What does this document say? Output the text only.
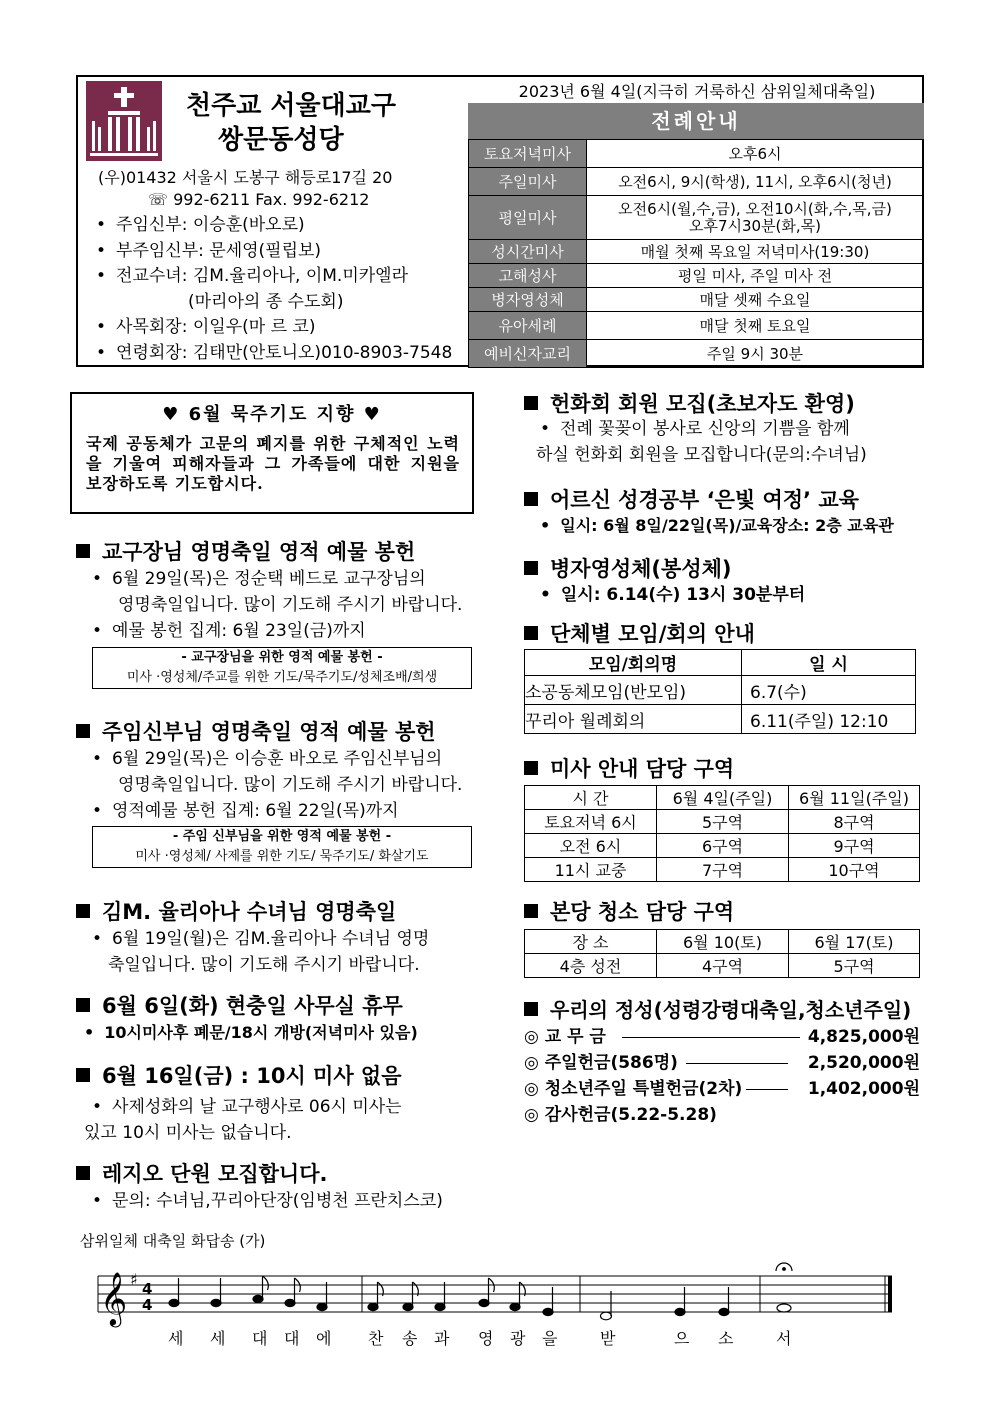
천주교 서울대교구
쌍문동성당
(우)01432 서울시 도봉구 해등로17길 20
☏ 992-6211 Fax. 992-6212
• 주임신부: 이승훈(바오로)
• 부주임신부: 문세영(필립보)
• 전교수녀: 김M.율리아나, 이M.미카엘라
(마리아의 종 수도회)
• 사목회장: 이일우(마 르 코)
• 연령회장: 김태만(안토니오)010-8903-7548
2023년 6월 4일(지극히 거룩하신 삼위일체대축일)
전례안내
토요저녁미사	오후6시
주일미사	오전6시, 9시(학생), 11시, 오후6시(청년)
평일미사	오전6시(월,수,금), 오전10시(화,수,목,금)
오후7시30분(화,목)

성시간미사	매월 첫째 목요일 저녁미사(19:30)
고해성사	평일 미사, 주일 미사 전
병자영성체	매달 셋째 수요일
유아세례	매달 첫째 토요일
예비신자교리	주일 9시 30분
♥ 6월 묵주기도 지향 ♥
국제 공동체가 고문의 폐지를 위한 구체적인 노력을 기울여 피해자들과 그 가족들에 대한 지원을 보장하도록 기도합시다.
교구장님 영명축일 영적 예물 봉헌
• 6월 29일(목)은 정순택 베드로 교구장님의
영명축일입니다. 많이 기도해 주시기 바랍니다.
• 예물 봉헌 집계: 6월 23일(금)까지
- 교구장님을 위한 영적 예물 봉헌 -
미사 ·영성체/주교를 위한 기도/묵주기도/성체조배/희생
주임신부님 영명축일 영적 예물 봉헌
• 6월 29일(목)은 이승훈 바오로 주임신부님의
영명축일입니다. 많이 기도해 주시기 바랍니다.
• 영적예물 봉헌 집계: 6월 22일(목)까지
- 주임 신부님을 위한 영적 예물 봉헌 -
미사 ·영성체/ 사제를 위한 기도/ 묵주기도/ 화살기도
김M. 율리아나 수녀님 영명축일
• 6월 19일(월)은 김M.율리아나 수녀님 영명
축일입니다. 많이 기도해 주시기 바랍니다.
6월 6일(화) 현충일 사무실 휴무
• 10시미사후 폐문/18시 개방(저녁미사 있음)
6월 16일(금) : 10시 미사 없음
• 사제성화의 날 교구행사로 06시 미사는
있고 10시 미사는 없습니다.
레지오 단원 모집합니다.
• 문의: 수녀님,꾸리아단장(임병천 프란치스코)
헌화회 회원 모집(초보자도 환영)
• 전례 꽃꽂이 봉사로 신앙의 기쁨을 함께
하실 헌화회 회원을 모집합니다(문의:수녀님)
어르신 성경공부 ‘은빛 여정’ 교육
• 일시: 6월 8일/22일(목)/교육장소: 2층 교육관
병자영성체(봉성체)
• 일시: 6.14(수) 13시 30분부터
단체별 모임/회의 안내
모임/회의명	일 시
소공동체모임(반모임)	6.7(수)
꾸리아 월례회의	6.11(주일) 12:10
미사 안내 담당 구역
시 간	6월 4일(주일)	6월 11일(주일)
토요저녁 6시	5구역	8구역
오전 6시	6구역	9구역
11시 교중	7구역	10구역
본당 청소 담당 구역
장 소	6월 10(토)	6월 17(토)
4층 성전	4구역	5구역
우리의 정성(성령강령대축일,청소년주일)
◎ 교 무 금	4,825,000원
◎ 주일헌금(586명)	2,520,000원
◎ 청소년주일 특별헌금(2차)	1,402,000원
◎ 감사헌금(5.22-5.28)
삼위일체 대축일 화답송 (가)
𝄞 ♯ 4
4
세 세 대 대 에 찬 송 과 영 광 을	받	으 소	서
